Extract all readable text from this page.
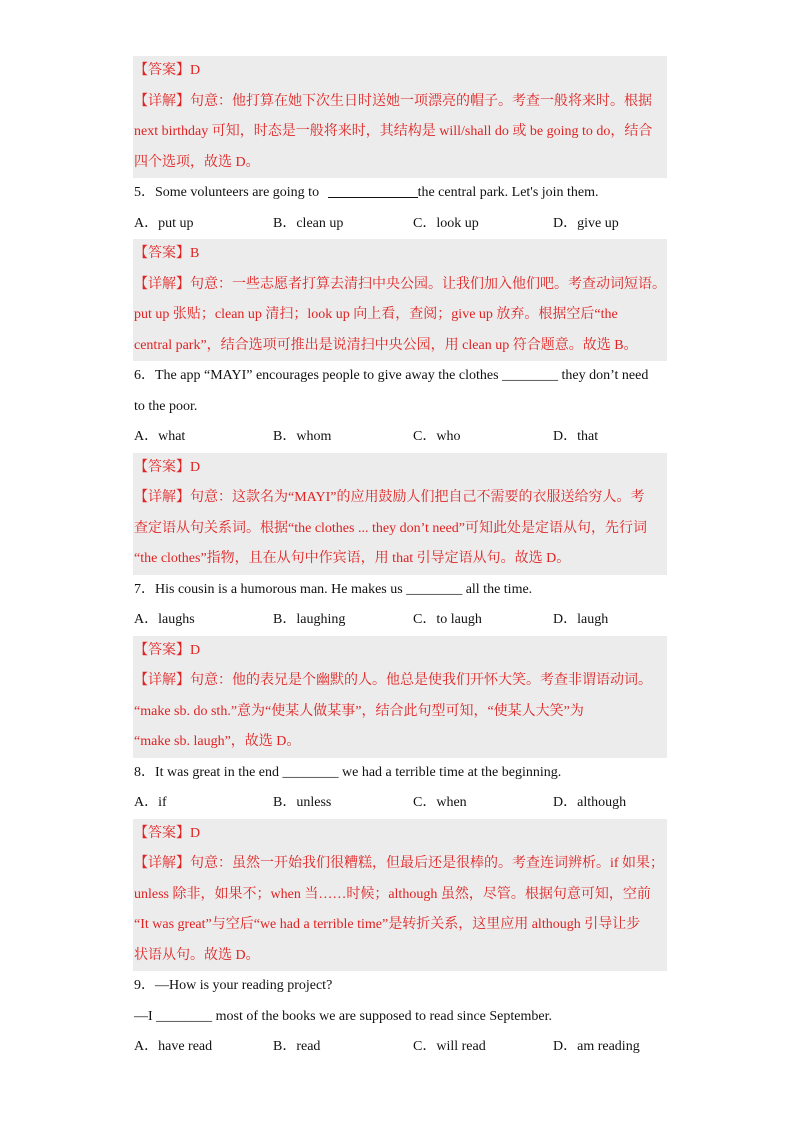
【答案】D
【详解】句意：他打算在她下次生日时送她一项漂亮的帽子。考查一般将来时。根据
next birthday 可知，时态是一般将来时，其结构是 will/shall do 或 be going to do，结合
四个选项，故选 D。
5．Some volunteers are going to	the central park. Let's join them.
A．put up	B．clean up	C．look up	D．give up
【答案】B
【详解】句意：一些志愿者打算去清扫中央公园。让我们加入他们吧。考查动词短语。
put up 张贴；clean up 清扫；look up 向上看，查阅；give up 放弃。根据空后“the
central park”，结合选项可推出是说清扫中央公园，用 clean up 符合题意。故选 B。
6．The app “MAYI” encourages people to give away the clothes ________ they don’t need
to the poor.
A．what	B．whom	C．who	D．that
【答案】D
【详解】句意：这款名为“MAYI”的应用鼓励人们把自己不需要的衣服送给穷人。考
查定语从句关系词。根据“the clothes ... they don’t need”可知此处是定语从句，先行词
“the clothes”指物，且在从句中作宾语，用 that 引导定语从句。故选 D。
7．His cousin is a humorous man. He makes us ________ all the time.
A．laughs	B．laughing	C．to laugh	D．laugh
【答案】D
【详解】句意：他的表兄是个幽默的人。他总是使我们开怀大笑。考查非谓语动词。
“make sb. do sth.”意为“使某人做某事”，结合此句型可知，“使某人大笑”为
“make sb. laugh”，故选 D。
8．It was great in the end ________ we had a terrible time at the beginning.
A．if	B．unless	C．when	D．although
【答案】D
【详解】句意：虽然一开始我们很糟糕，但最后还是很棒的。考查连词辨析。if 如果；
unless 除非，如果不；when 当……时候；although 虽然，尽管。根据句意可知，空前
“It was great”与空后“we had a terrible time”是转折关系，这里应用 although 引导让步
状语从句。故选 D。
9．—How is your reading project?
—I ________ most of the books we are supposed to read since September.
A．have read	B．read	C．will read	D．am reading
